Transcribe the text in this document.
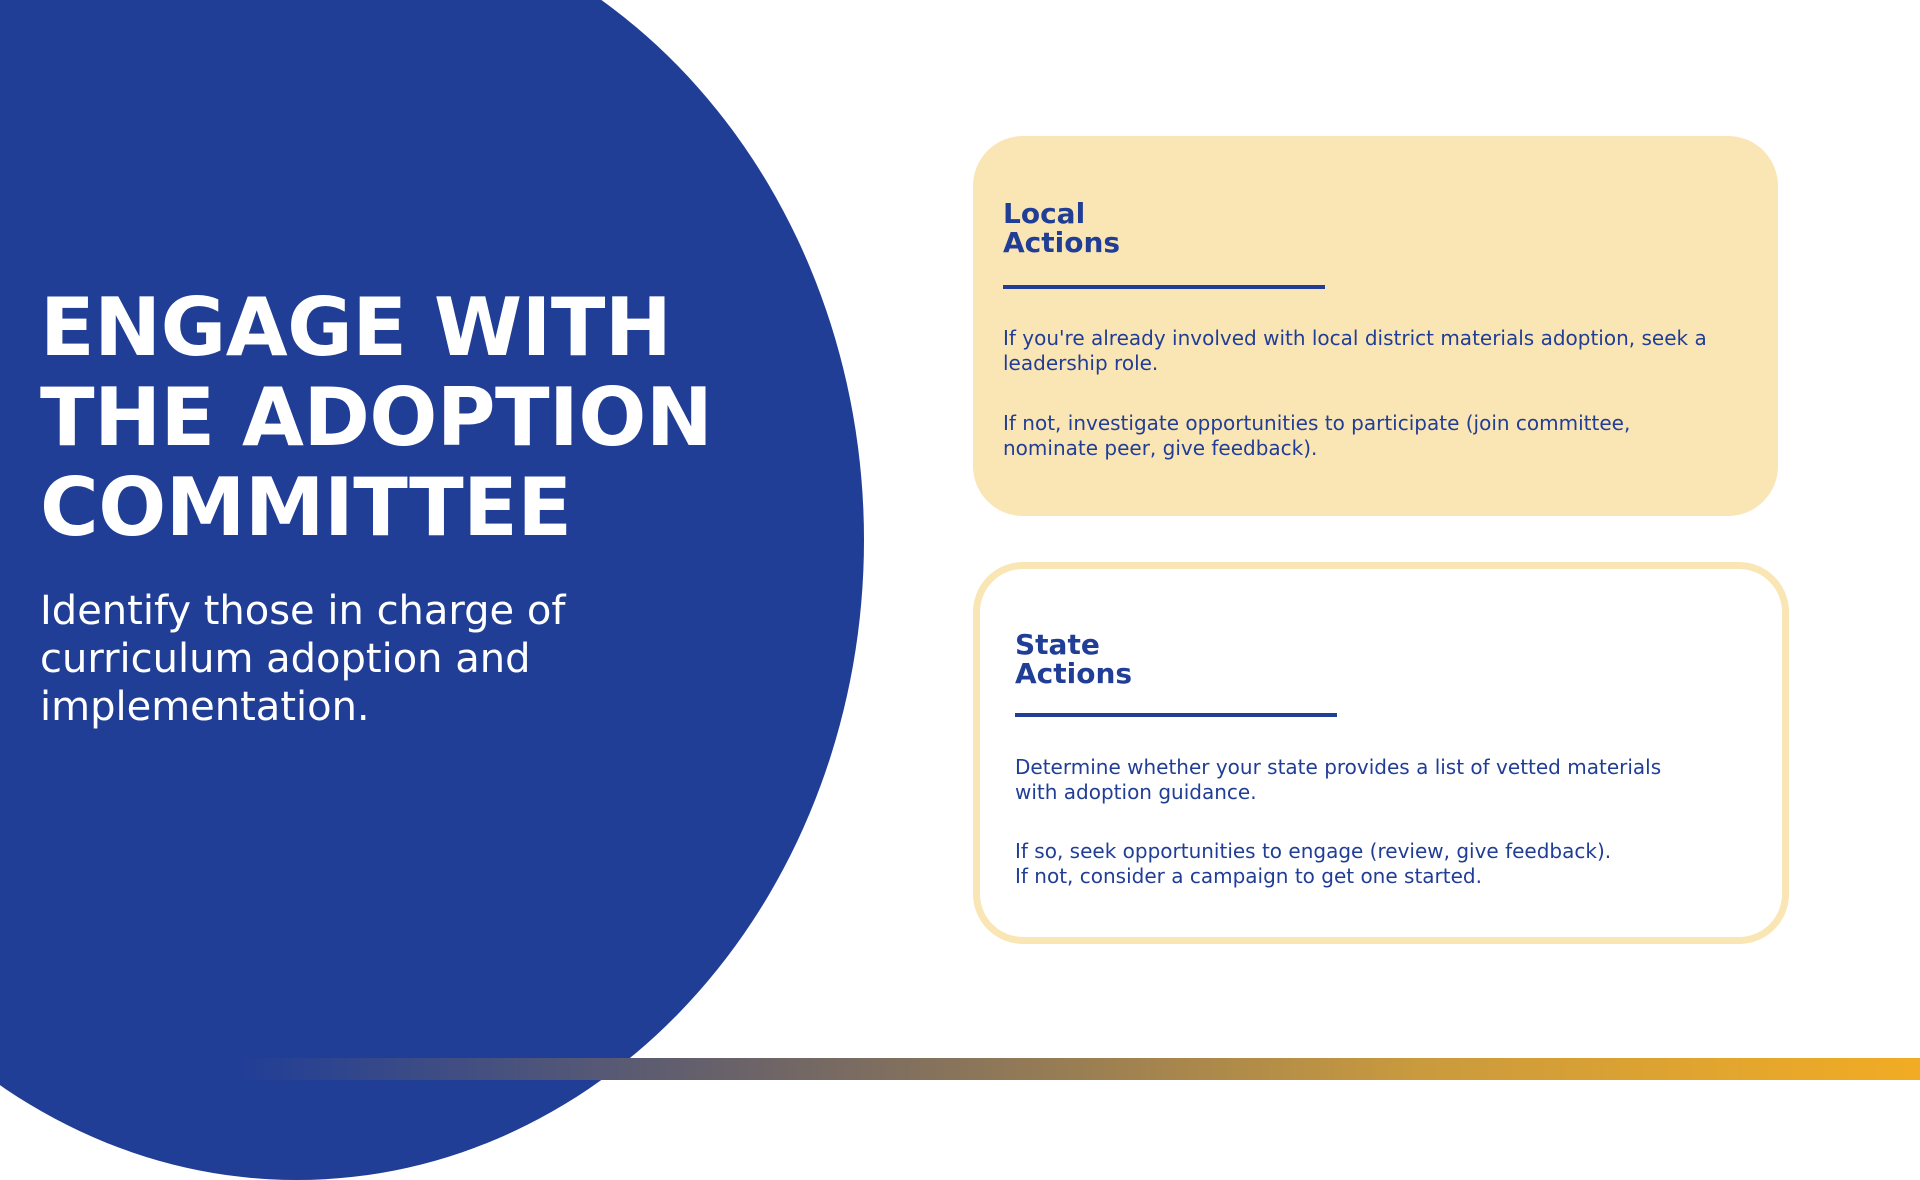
ENGAGE WITH
THE ADOPTION
COMMITTEE

Identify those in charge of
curriculum adoption and
implementation.

Local
Actions

If you're already involved with local district materials adoption, seek a
leadership role.

If not, investigate opportunities to participate (join committee,
nominate peer, give feedback).

State
Actions

Determine whether your state provides a list of vetted materials
with adoption guidance.

If so, seek opportunities to engage (review, give feedback).
If not, consider a campaign to get one started.
